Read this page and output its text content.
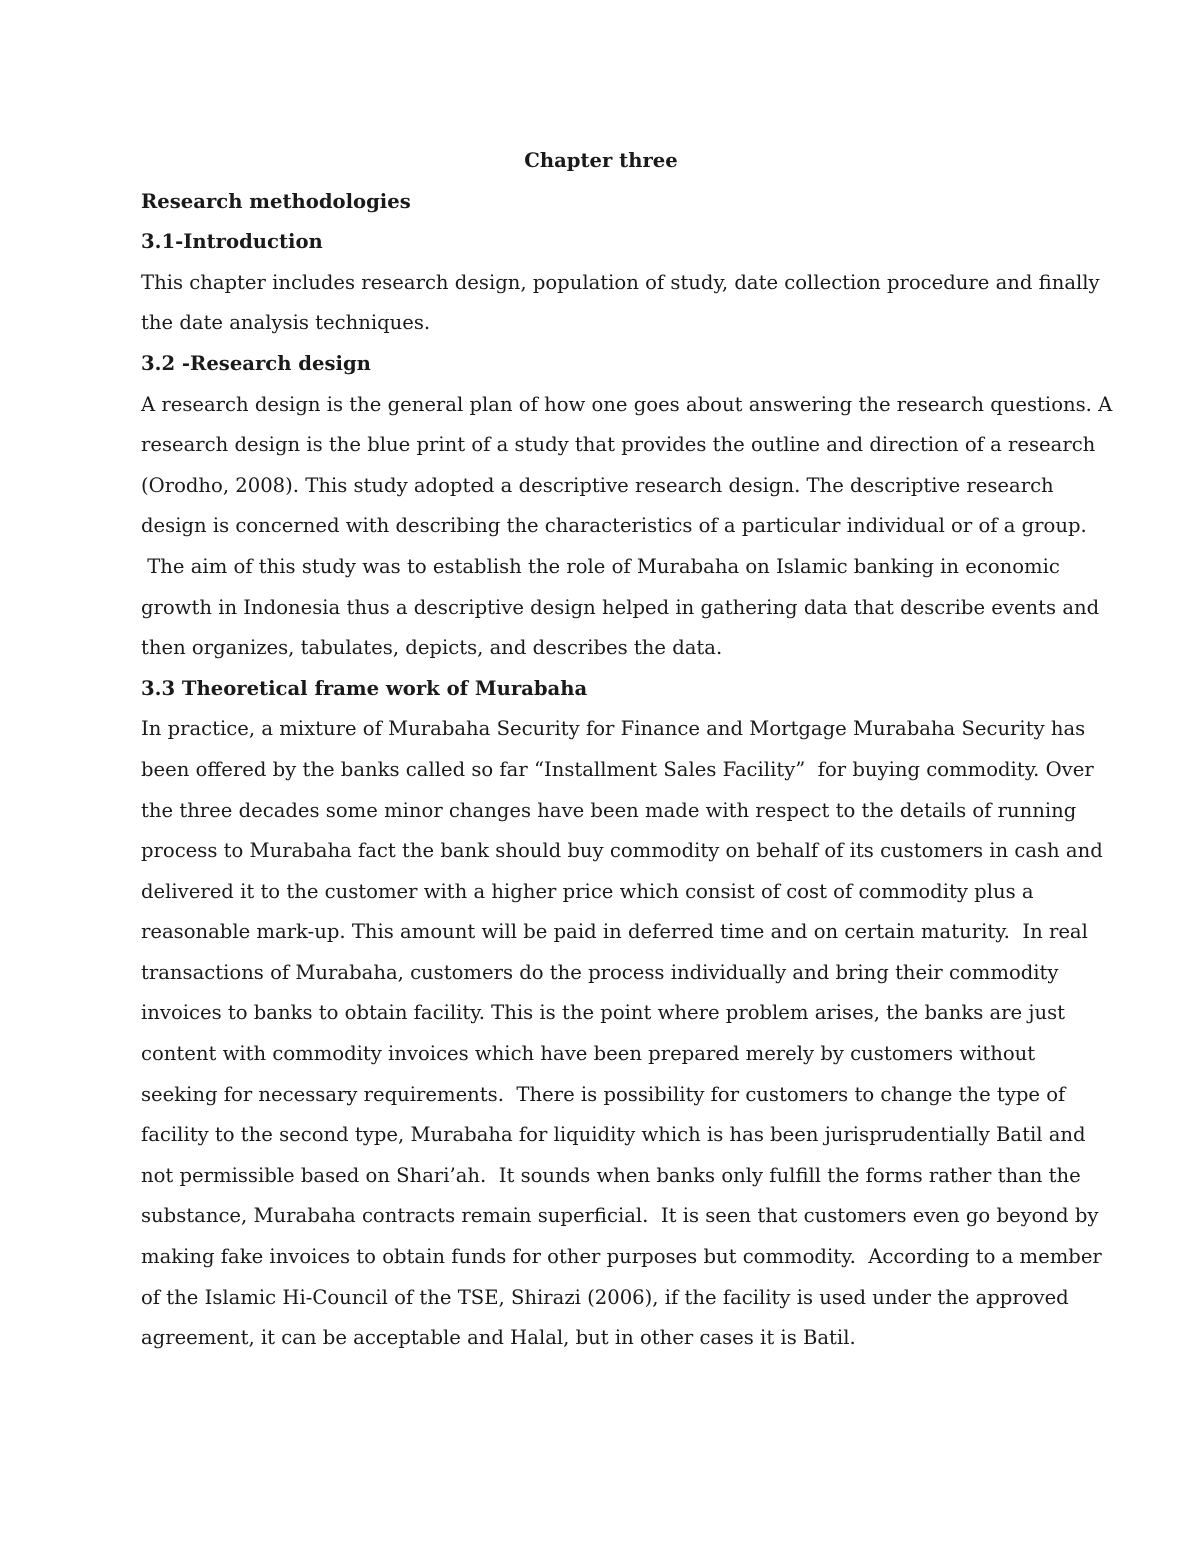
Chapter three

Research methodologies

3.1-Introduction

This chapter includes research design, population of study, date collection procedure and finally
the date analysis techniques.

3.2 -Research design

A research design is the general plan of how one goes about answering the research questions. A
research design is the blue print of a study that provides the outline and direction of a research
(Orodho, 2008). This study adopted a descriptive research design. The descriptive research
design is concerned with describing the characteristics of a particular individual or of a group.
The aim of this study was to establish the role of Murabaha on Islamic banking in economic
growth in Indonesia thus a descriptive design helped in gathering data that describe events and
then organizes, tabulates, depicts, and describes the data.

3.3 Theoretical frame work of Murabaha

In practice, a mixture of Murabaha Security for Finance and Mortgage Murabaha Security has
been offered by the banks called so far “Installment Sales Facility”  for buying commodity. Over
the three decades some minor changes have been made with respect to the details of running
process to Murabaha fact the bank should buy commodity on behalf of its customers in cash and
delivered it to the customer with a higher price which consist of cost of commodity plus a
reasonable mark-up. This amount will be paid in deferred time and on certain maturity.  In real
transactions of Murabaha, customers do the process individually and bring their commodity
invoices to banks to obtain facility. This is the point where problem arises, the banks are just
content with commodity invoices which have been prepared merely by customers without
seeking for necessary requirements.  There is possibility for customers to change the type of
facility to the second type, Murabaha for liquidity which is has been jurisprudentially Batil and
not permissible based on Shari’ah.  It sounds when banks only fulfill the forms rather than the
substance, Murabaha contracts remain superficial.  It is seen that customers even go beyond by
making fake invoices to obtain funds for other purposes but commodity.  According to a member
of the Islamic Hi-Council of the TSE, Shirazi (2006), if the facility is used under the approved
agreement, it can be acceptable and Halal, but in other cases it is Batil.
